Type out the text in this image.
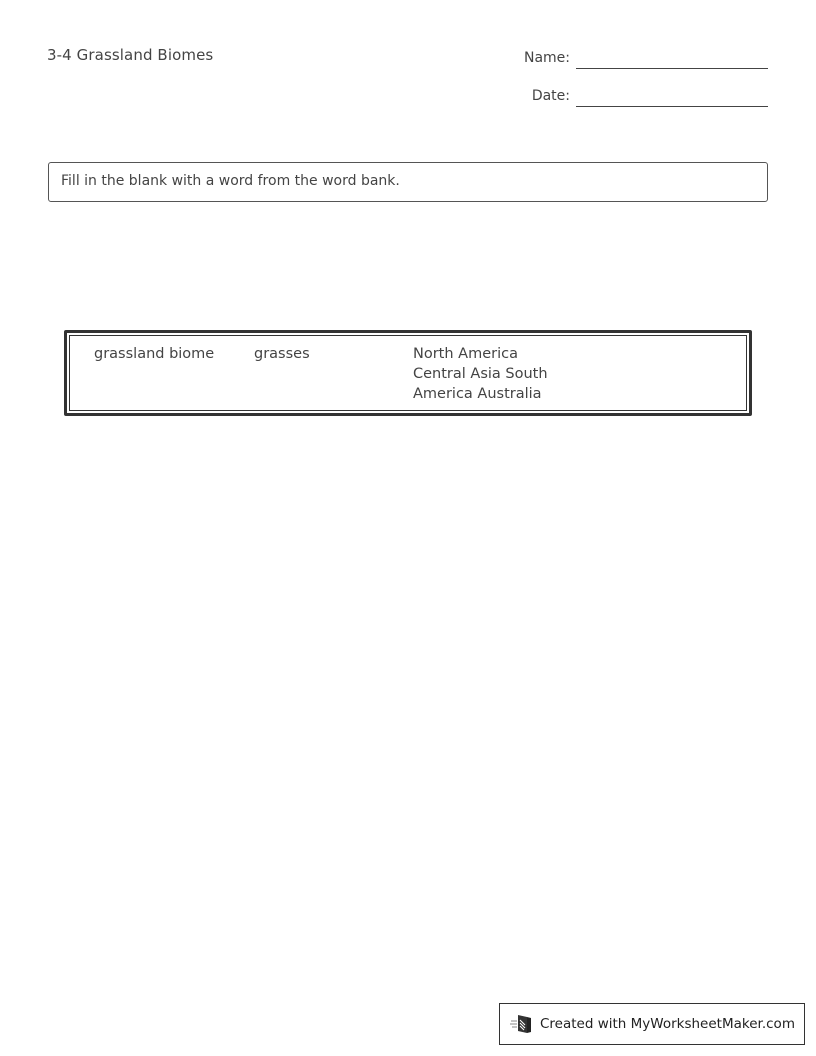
3-4 Grassland Biomes	Name:
Date:
Fill in the blank with a word from the word bank.
grassland biome	grasses	North America Central Asia South America Australia
Created with MyWorksheetMaker.com
